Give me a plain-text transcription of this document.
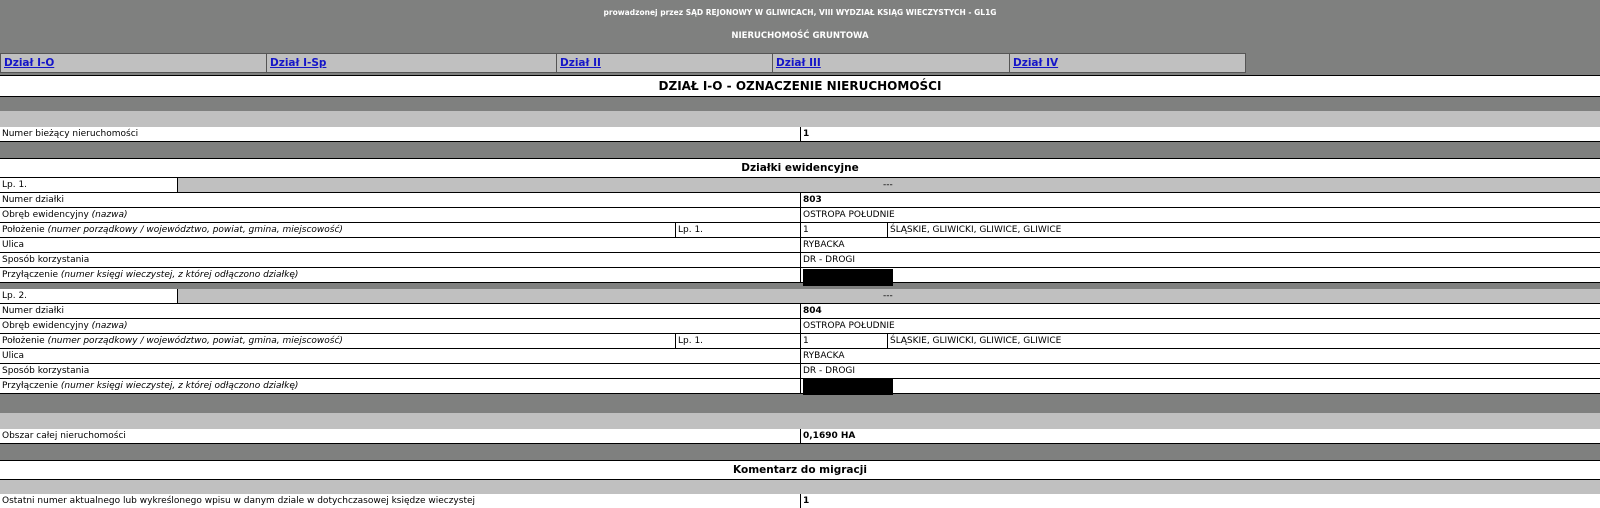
prowadzonej przez SĄD REJONOWY W GLIWICACH, VIII WYDZIAŁ KSIĄG WIECZYSTYCH - GL1G
NIERUCHOMOŚĆ GRUNTOWA
Dział I-O	Dział I-Sp	Dział II	Dział III	Dział IV
DZIAŁ I-O - OZNACZENIE NIERUCHOMOŚCI
Numer bieżący nieruchomości	1
Działki ewidencyjne
Lp. 1.	---
Numer działki	803
Obręb ewidencyjny (nazwa)	OSTROPA POŁUDNIE
Położenie (numer porządkowy / województwo, powiat, gmina, miejscowość)	Lp. 1.	1	ŚLĄSKIE, GLIWICKI, GLIWICE, GLIWICE
Ulica	RYBACKA
Sposób korzystania	DR - DROGI
Przyłączenie (numer księgi wieczystej, z której odłączono działkę)
Lp. 2.	---
Numer działki	804
Obręb ewidencyjny (nazwa)	OSTROPA POŁUDNIE
Położenie (numer porządkowy / województwo, powiat, gmina, miejscowość)	Lp. 1.	1	ŚLĄSKIE, GLIWICKI, GLIWICE, GLIWICE
Ulica	RYBACKA
Sposób korzystania	DR - DROGI
Przyłączenie (numer księgi wieczystej, z której odłączono działkę)
Obszar całej nieruchomości	0,1690 HA
Komentarz do migracji
Ostatni numer aktualnego lub wykreślonego wpisu w danym dziale w dotychczasowej księdze wieczystej	1
